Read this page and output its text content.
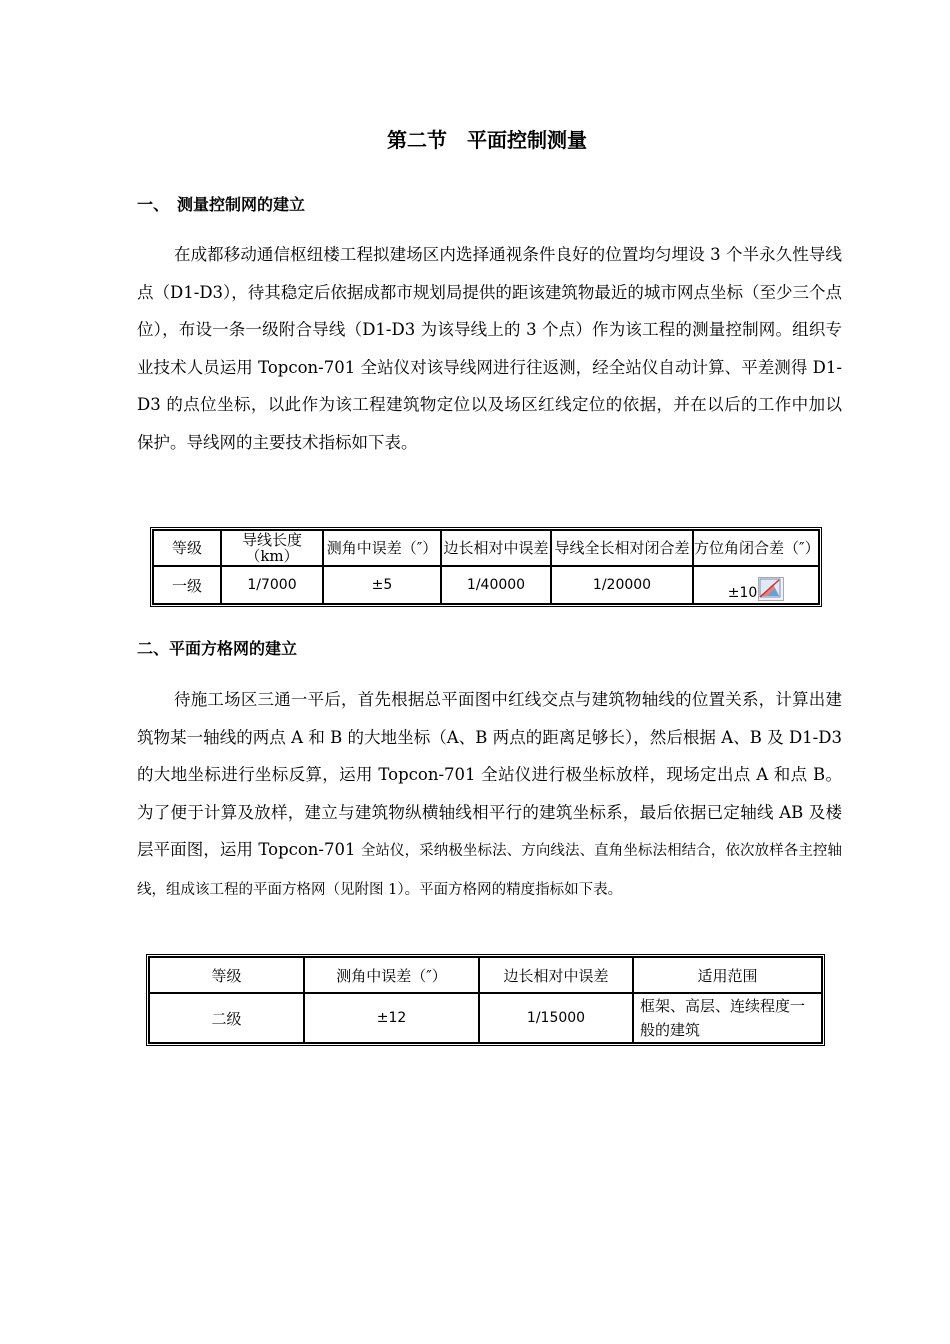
第二节　平面控制测量
一、　测量控制网的建立
在成都移动通信枢纽楼工程拟建场区内选择通视条件良好的位置均匀埋设 3 个半永久性导线点（D1-D3），待其稳定后依据成都市规划局提供的距该建筑物最近的城市网点坐标（至少三个点位），布设一条一级附合导线（D1-D3 为该导线上的 3 个点）作为该工程的测量控制网。组织专业技术人员运用 Topcon-701 全站仪对该导线网进行往返测，经全站仪自动计算、平差测得 D1-D3 的点位坐标，以此作为该工程建筑物定位以及场区红线定位的依据，并在以后的工作中加以保护。导线网的主要技术指标如下表。
等级	导线长度（km）	测角中误差（″）	边长相对中误差	导线全长相对闭合差	方位角闭合差（″）
一级	1/7000	±5	1/40000	1/20000	±10
二、平面方格网的建立
待施工场区三通一平后，首先根据总平面图中红线交点与建筑物轴线的位置关系，计算出建筑物某一轴线的两点 A 和 B 的大地坐标（A、B 两点的距离足够长），然后根据 A、B 及 D1-D3 的大地坐标进行坐标反算，运用 Topcon-701 全站仪进行极坐标放样，现场定出点 A 和点 B。为了便于计算及放样，建立与建筑物纵横轴线相平行的建筑坐标系，最后依据已定轴线 AB 及楼层平面图，运用 Topcon-701 全站仪，采纳极坐标法、方向线法、直角坐标法相结合，依次放样各主控轴线，组成该工程的平面方格网（见附图 1）。平面方格网的精度指标如下表。
等级	测角中误差（″）	边长相对中误差	适用范围
二级	±12	1/15000	框架、高层、连续程度一般的建筑
